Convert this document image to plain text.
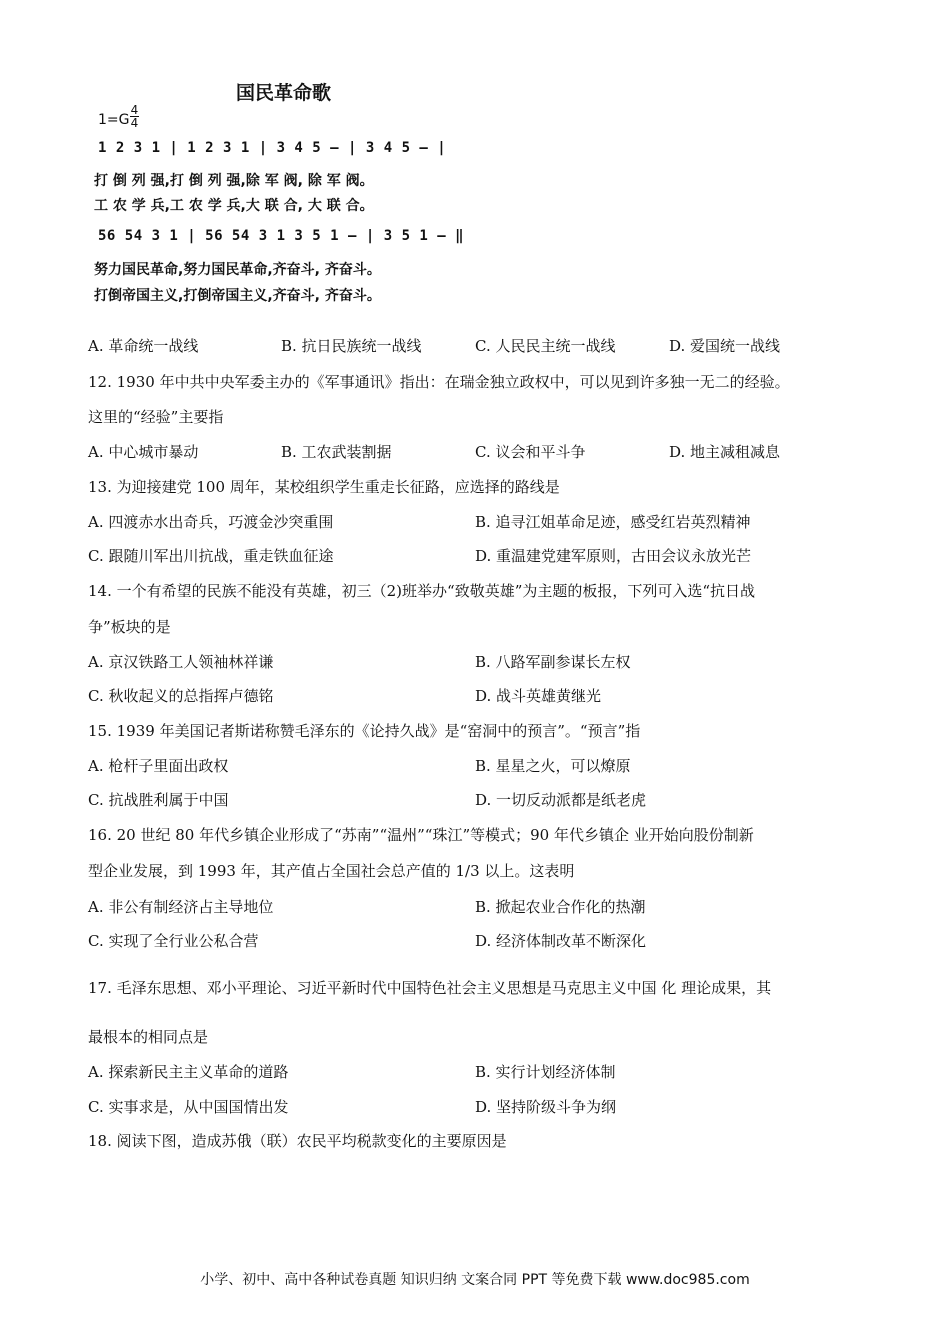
国民革命歌
1=G
4
4
1 2 3 1 | 1 2 3 1 | 3 4 5 – | 3 4 5 – |
打 倒 列 强,打 倒 列 强,除 军 阀, 除 军 阀。
工 农 学 兵,工 农 学 兵,大 联 合, 大 联 合。
56 54 3 1 | 56 54 3 1 3 5 1 – | 3 5 1 – ‖
努力国民革命,努力国民革命,齐奋斗, 齐奋斗。
打倒帝国主义,打倒帝国主义,齐奋斗, 齐奋斗。
A. 革命统一战线	B. 抗日民族统一战线	C. 人民民主统一战线	D. 爱国统一战线
12. 1930 年中共中央军委主办的《军事通讯》指出：在瑞金独立政权中，可以见到许多独一无二的经验。
这里的“经验”主要指
A. 中心城市暴动	B. 工农武装割据	C. 议会和平斗争	D. 地主减租减息
13. 为迎接建党 100 周年，某校组织学生重走长征路，应选择的路线是
A. 四渡赤水出奇兵，巧渡金沙突重围	B. 追寻江姐革命足迹，感受红岩英烈精神
C. 跟随川军出川抗战，重走铁血征途	D. 重温建党建军原则，古田会议永放光芒
14. 一个有希望的民族不能没有英雄，初三（2)班举办“致敬英雄”为主题的板报，下列可入选“抗日战
争”板块的是
A. 京汉铁路工人领袖林祥谦	B. 八路军副参谋长左权
C. 秋收起义的总指挥卢德铭	D. 战斗英雄黄继光
15. 1939 年美国记者斯诺称赞毛泽东的《论持久战》是“窑洞中的预言”。“预言”指
A. 枪杆子里面出政权	B. 星星之火，可以燎原
C. 抗战胜利属于中国	D. 一切反动派都是纸老虎
16. 20 世纪 80 年代乡镇企业形成了“苏南”“温州”“珠江”等模式；90 年代乡镇企 业开始向股份制新
型企业发展，到 1993 年，其产值占全国社会总产值的 1/3 以上。这表明
A. 非公有制经济占主导地位	B. 掀起农业合作化的热潮
C. 实现了全行业公私合营	D. 经济体制改革不断深化
17. 毛泽东思想、邓小平理论、习近平新时代中国特色社会主义思想是马克思主义中国 化 理论成果，其
最根本的相同点是
A. 探索新民主主义革命的道路	B. 实行计划经济体制
C. 实事求是，从中国国情出发	D. 坚持阶级斗争为纲
18. 阅读下图，造成苏俄（联）农民平均税款变化的主要原因是
小学、初中、高中各种试卷真题 知识归纳 文案合同 PPT 等免费下载 www.doc985.com
